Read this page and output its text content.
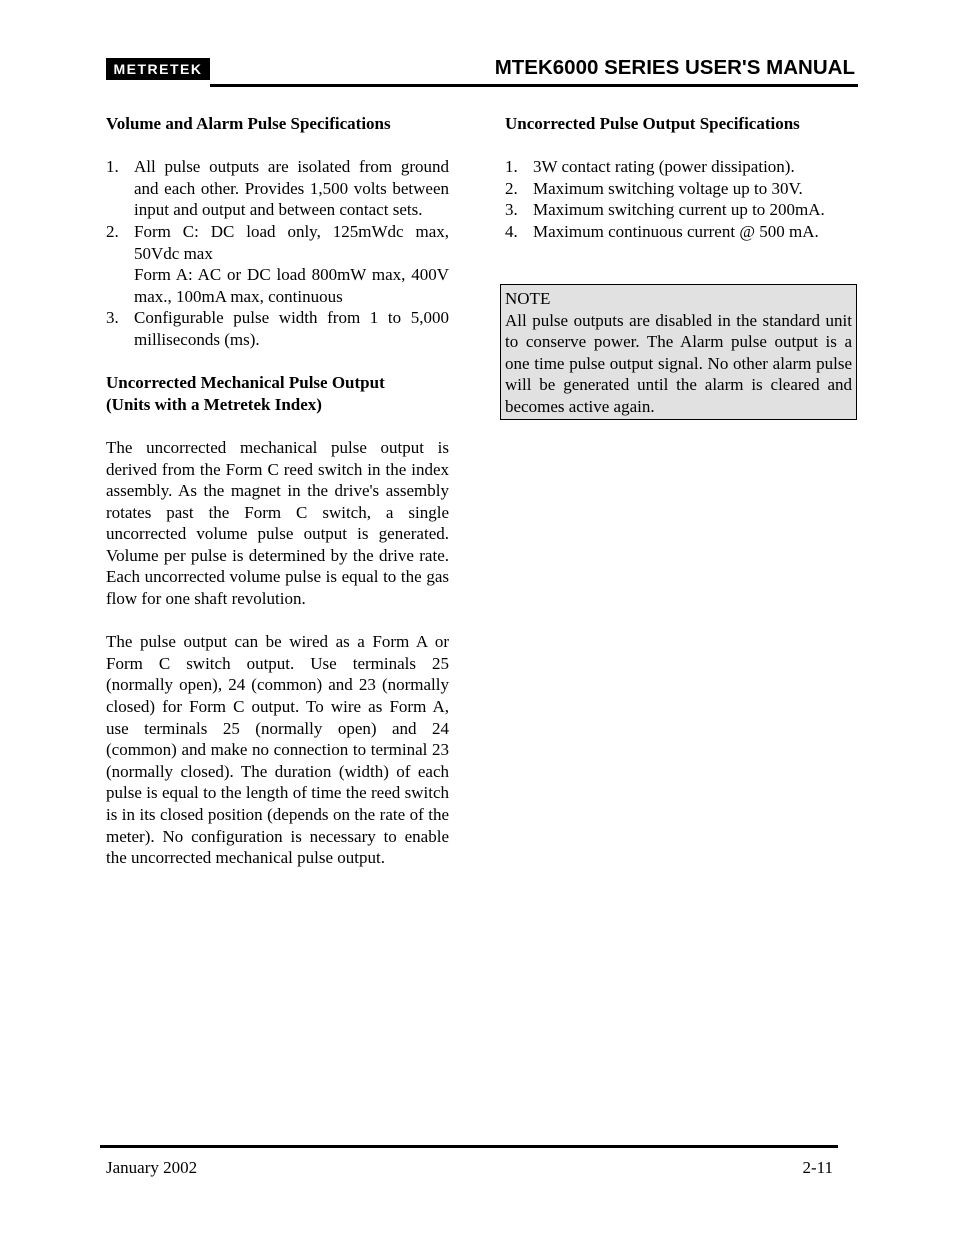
METRETEK	MTEK6000 SERIES USER'S MANUAL
Volume and Alarm Pulse Specifications
1. All pulse outputs are isolated from ground and each other. Provides 1,500 volts between input and output and between contact sets.
2. Form C: DC load only, 125mWdc max, 50Vdc max
Form A: AC or DC load 800mW max, 400V max., 100mA max, continuous
3. Configurable pulse width from 1 to 5,000 milliseconds (ms).
Uncorrected Mechanical Pulse Output
(Units with a Metretek Index)
The uncorrected mechanical pulse output is derived from the Form C reed switch in the index assembly. As the magnet in the drive's assembly rotates past the Form C switch, a single uncorrected volume pulse output is generated. Volume per pulse is determined by the drive rate. Each uncorrected volume pulse is equal to the gas flow for one shaft revolution.
The pulse output can be wired as a Form A or Form C switch output. Use terminals 25 (normally open), 24 (common) and 23 (normally closed) for Form C output. To wire as Form A, use terminals 25 (normally open) and 24 (common) and make no connection to terminal 23 (normally closed). The duration (width) of each pulse is equal to the length of time the reed switch is in its closed position (depends on the rate of the meter). No configuration is necessary to enable the uncorrected mechanical pulse output.
Uncorrected Pulse Output Specifications
1. 3W contact rating (power dissipation).
2. Maximum switching voltage up to 30V.
3. Maximum switching current up to 200mA.
4. Maximum continuous current @ 500 mA.
NOTE
All pulse outputs are disabled in the standard unit to conserve power. The Alarm pulse output is a one time pulse output signal. No other alarm pulse will be generated until the alarm is cleared and becomes active again.
January 2002	2-11
